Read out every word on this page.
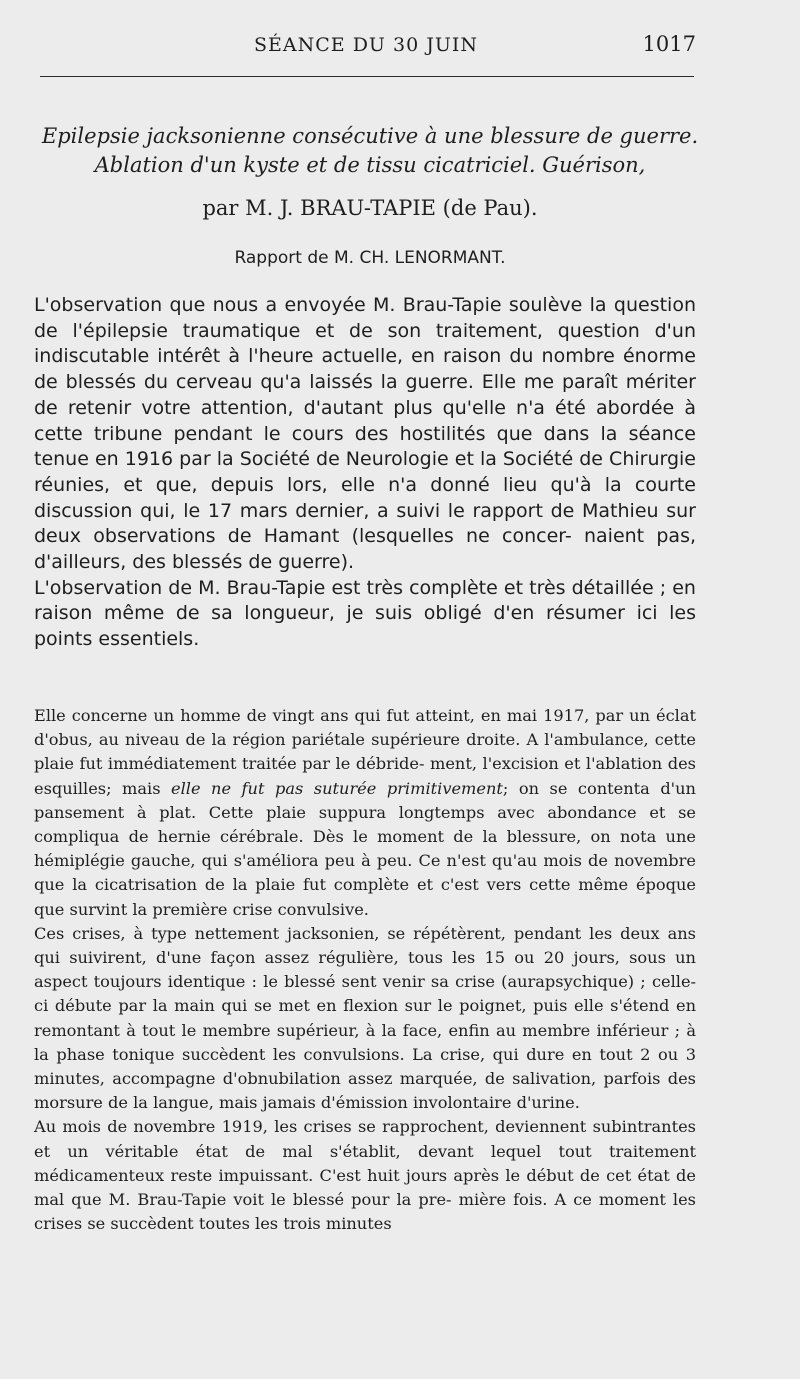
SÉANCE DU 30 JUIN	1017
Epilepsie jacksonienne consécutive à une blessure de guerre.
Ablation d'un kyste et de tissu cicatriciel. Guérison,
par M. J. BRAU-TAPIE (de Pau).
Rapport de M. CH. LENORMANT.

L'observation que nous a envoyée M. Brau-Tapie soulève la question de l'épilepsie traumatique et de son traitement, question d'un indiscutable intérêt à l'heure actuelle, en raison du nombre énorme de blessés du cerveau qu'a laissés la guerre. Elle me paraît mériter de retenir votre attention, d'autant plus qu'elle n'a été abordée à cette tribune pendant le cours des hostilités que dans la séance tenue en 1916 par la Société de Neurologie et la Société de Chirurgie réunies, et que, depuis lors, elle n'a donné lieu qu'à la courte discussion qui, le 17 mars dernier, a suivi le rapport de Mathieu sur deux observations de Hamant (lesquelles ne concer- naient pas, d'ailleurs, des blessés de guerre).

L'observation de M. Brau-Tapie est très complète et très détaillée ; en raison même de sa longueur, je suis obligé d'en résumer ici les points essentiels.

Elle concerne un homme de vingt ans qui fut atteint, en mai 1917, par un éclat d'obus, au niveau de la région pariétale supérieure droite. A l'ambulance, cette plaie fut immédiatement traitée par le débride- ment, l'excision et l'ablation des esquilles; mais elle ne fut pas suturée primitivement; on se contenta d'un pansement à plat. Cette plaie suppura longtemps avec abondance et se compliqua de hernie cérébrale. Dès le moment de la blessure, on nota une hémiplégie gauche, qui s'améliora peu à peu. Ce n'est qu'au mois de novembre que la cicatrisation de la plaie fut complète et c'est vers cette même époque que survint la première crise convulsive.

Ces crises, à type nettement jacksonien, se répétèrent, pendant les deux ans qui suivirent, d'une façon assez régulière, tous les 15 ou 20 jours, sous un aspect toujours identique : le blessé sent venir sa crise (aurapsychique) ; celle-ci débute par la main qui se met en flexion sur le poignet, puis elle s'étend en remontant à tout le membre supérieur, à la face, enfin au membre inférieur ; à la phase tonique succèdent les convulsions. La crise, qui dure en tout 2 ou 3 minutes, accompagne d'obnubilation assez marquée, de salivation, parfois des morsure de la langue, mais jamais d'émission involontaire d'urine.

Au mois de novembre 1919, les crises se rapprochent, deviennent subintrantes et un véritable état de mal s'établit, devant lequel tout traitement médicamenteux reste impuissant. C'est huit jours après le début de cet état de mal que M. Brau-Tapie voit le blessé pour la pre- mière fois. A ce moment les crises se succèdent toutes les trois minutes
